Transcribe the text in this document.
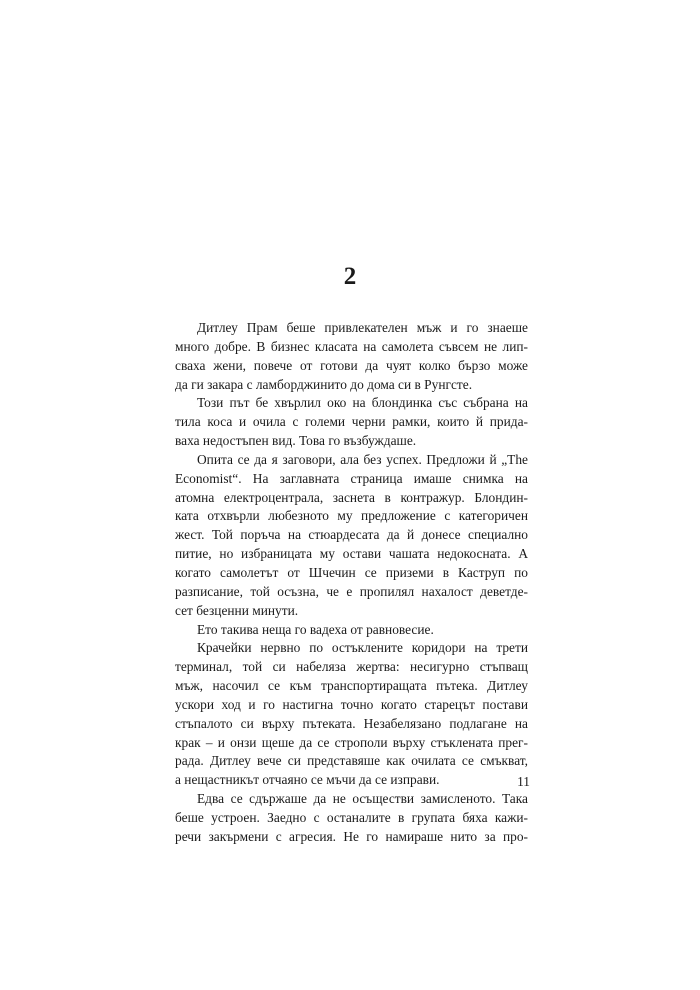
2
Дитлеу Прам беше привлекателен мъж и го знаеше
много добре. В бизнес класата на самолета съвсем не лип-
сваха жени, повече от готови да чуят колко бързо може
да ги закара с ламборджинито до дома си в Рунгсте.
Този път бе хвърлил око на блондинка със събрана на
тила коса и очила с големи черни рамки, които й прида-
ваха недостъпен вид. Това го възбуждаше.
Опита се да я заговори, ала без успех. Предложи й „The
Economist“. На заглавната страница имаше снимка на
атомна електроцентрала, заснета в контражур. Блондин-
ката отхвърли любезното му предложение с категоричен
жест. Той поръча на стюардесата да й донесе специално
питие, но избраницата му остави чашата недокосната. А
когато самолетът от Шчечин се приземи в Каструп по
разписание, той осъзна, че е пропилял нахалост деветде-
сет безценни минути.
Ето такива неща го вадеха от равновесие.
Крачейки нервно по остъклените коридори на трети
терминал, той си набеляза жертва: несигурно стъпващ
мъж, насочил се към транспортиращата пътека. Дитлеу
ускори ход и го настигна точно когато старецът постави
стъпалото си върху пътеката. Незабелязано подлагане на
крак – и онзи щеше да се строполи върху стъклената прег-
рада. Дитлеу вече си представяше как очилата се смъкват,
а нещастникът отчаяно се мъчи да се изправи.
Едва се сдържаше да не осъществи замисленото. Така
беше устроен. Заедно с останалите в групата бяха кажи-
речи закърмени с агресия. Не го намираше нито за про-
11
